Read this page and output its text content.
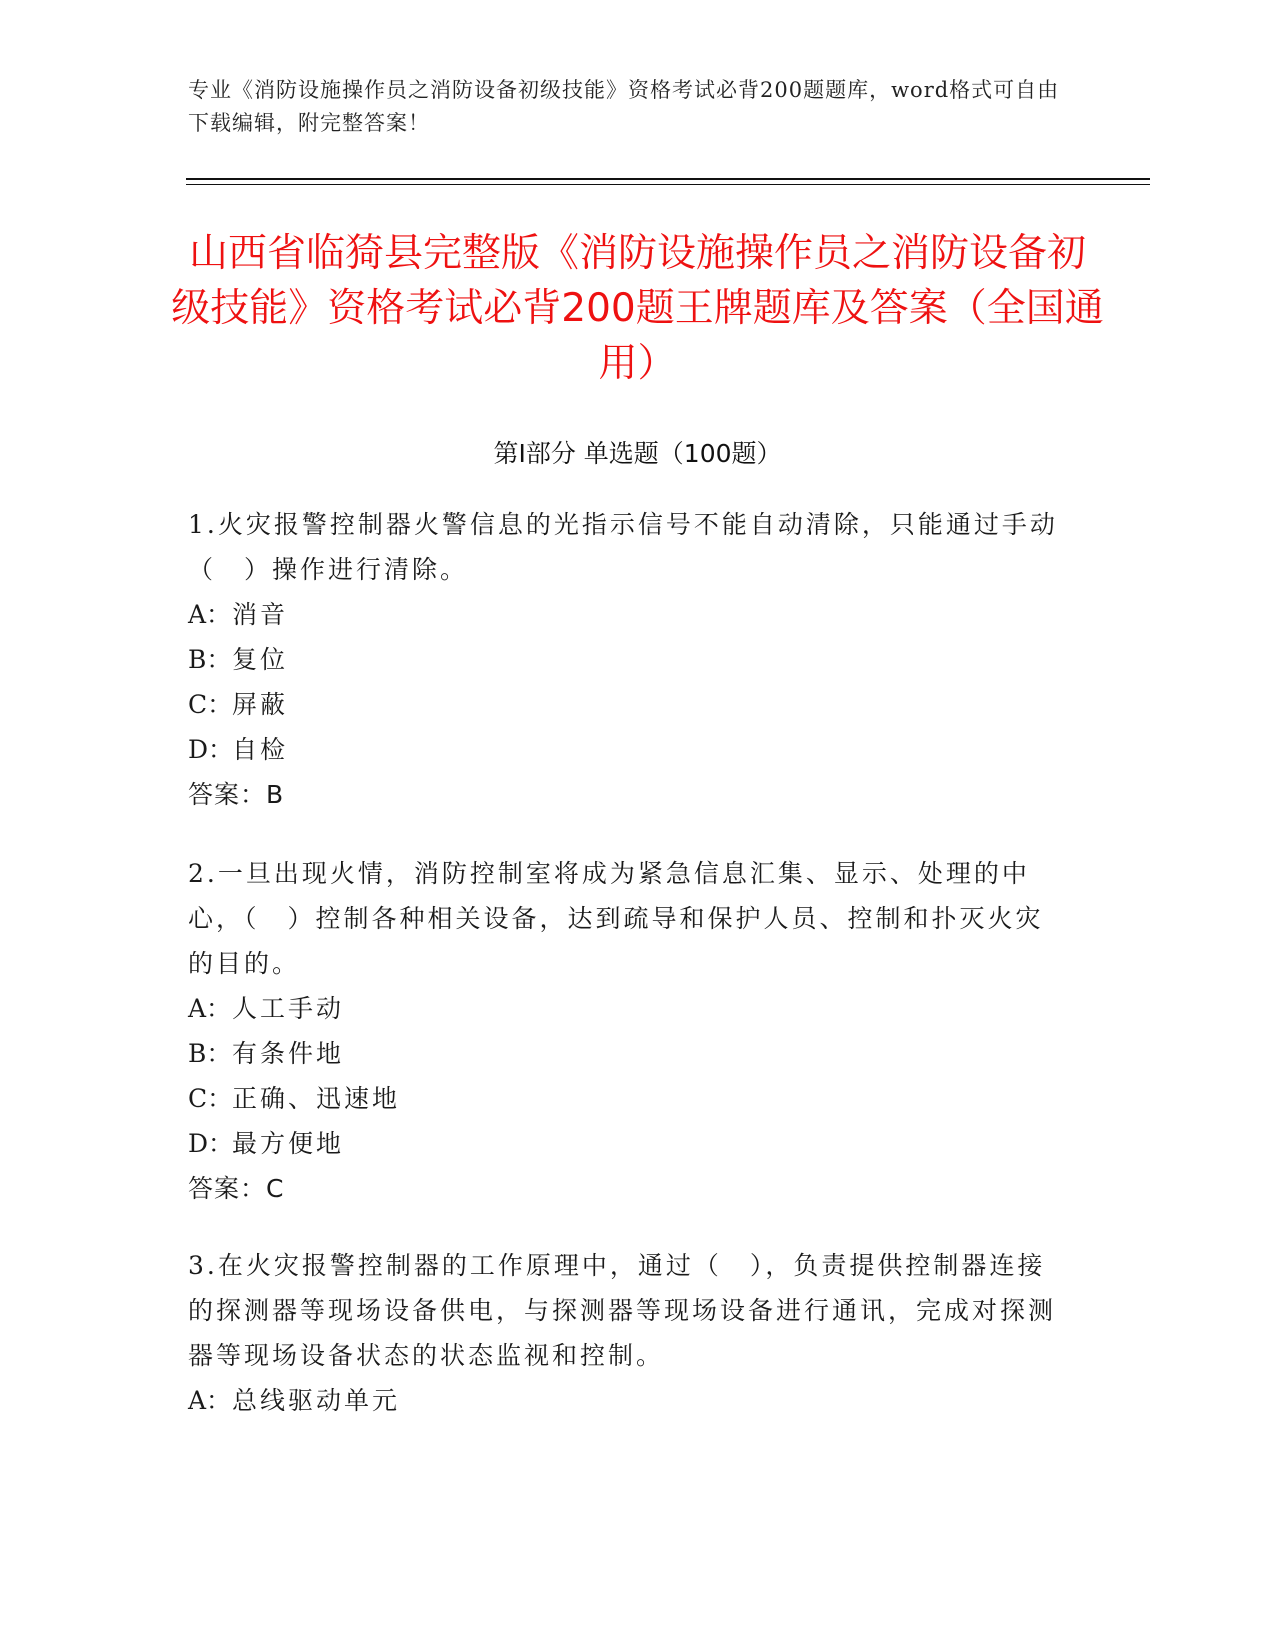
专业《消防设施操作员之消防设备初级技能》资格考试必背200题题库，word格式可自由下载编辑，附完整答案！
山西省临猗县完整版《消防设施操作员之消防设备初级技能》资格考试必背200题王牌题库及答案（全国通用）
第Ⅰ部分 单选题（100题）
1.火灾报警控制器火警信息的光指示信号不能自动清除，只能通过手动（　）操作进行清除。
A：消音
B：复位
C：屏蔽
D：自检
答案：B
2.一旦出现火情，消防控制室将成为紧急信息汇集、显示、处理的中心，（　）控制各种相关设备，达到疏导和保护人员、控制和扑灭火灾的目的。
A：人工手动
B：有条件地
C：正确、迅速地
D：最方便地
答案：C
3.在火灾报警控制器的工作原理中，通过（　），负责提供控制器连接的探测器等现场设备供电，与探测器等现场设备进行通讯，完成对探测器等现场设备状态的状态监视和控制。
A：总线驱动单元
